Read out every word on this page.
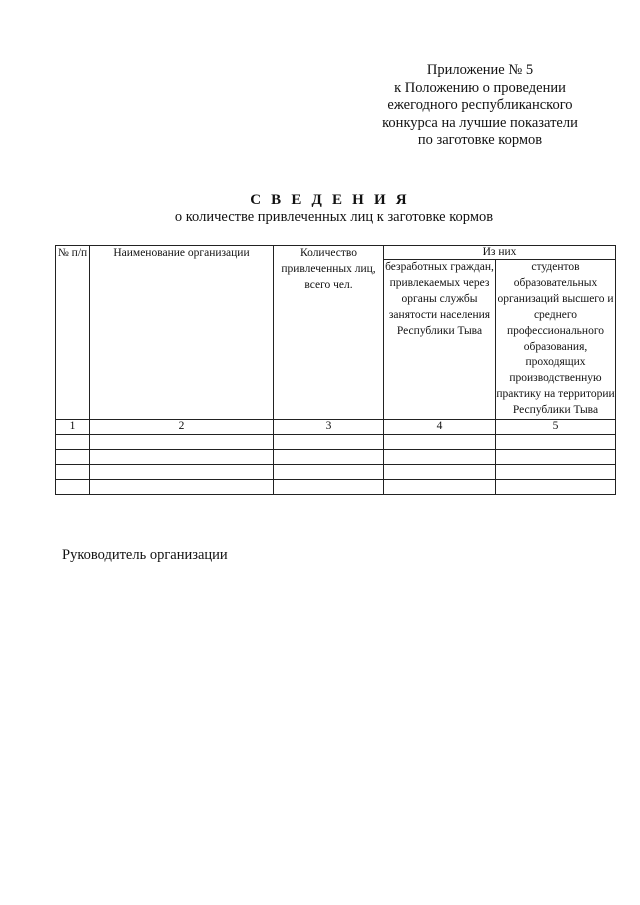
Приложение № 5
к Положению о проведении
ежегодного республиканского
конкурса на лучшие показатели
по заготовке кормов
С В Е Д Е Н И Я
о количестве привлеченных лиц к заготовке кормов
№ п/п	Наименование организации	Количество привлеченных лиц, всего чел.	Из них	
			безработных граждан, привлекаемых через органы службы занятости населения Республики Тыва	студентов образовательных организаций высшего и среднего профессионального образования, проходящих производственную практику на территории Республики Тыва
1	2	3	4	5

Руководитель организации
